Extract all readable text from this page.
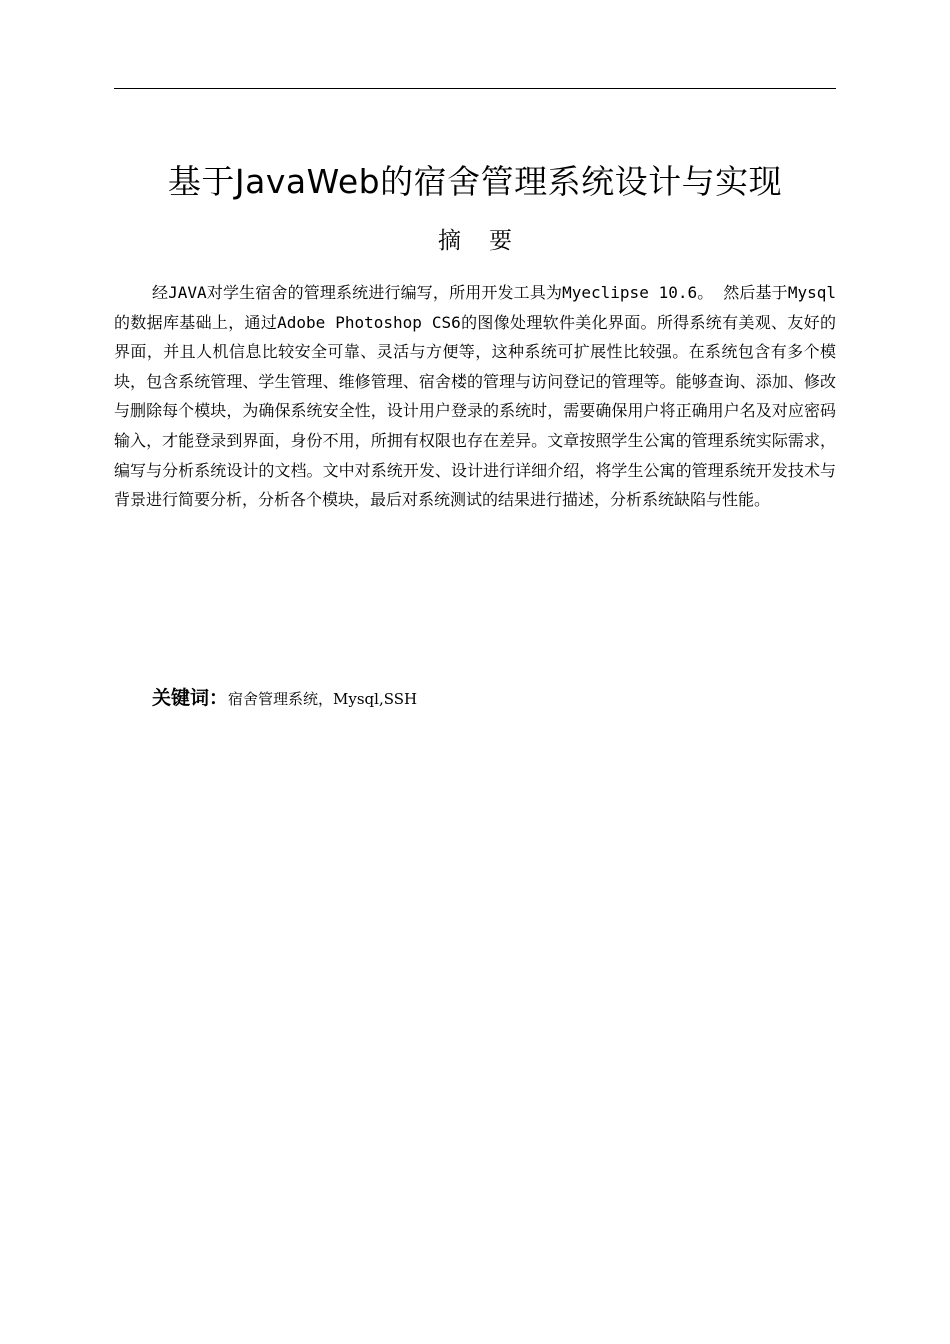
基于JavaWeb的宿舍管理系统设计与实现
摘要

经JAVA对学生宿舍的管理系统进行编写，所用开发工具为Myeclipse 10.6。 然后基于Mysql的数据库基础上，通过Adobe Photoshop CS6的图像处理软件美化界面。所得系统有美观、友好的界面，并且人机信息比较安全可靠、灵活与方便等，这种系统可扩展性比较强。在系统包含有多个模块，包含系统管理、学生管理、维修管理、宿舍楼的管理与访问登记的管理等。能够查询、添加、修改与删除每个模块，为确保系统安全性，设计用户登录的系统时，需要确保用户将正确用户名及对应密码输入，才能登录到界面，身份不用，所拥有权限也存在差异。文章按照学生公寓的管理系统实际需求，编写与分析系统设计的文档。文中对系统开发、设计进行详细介绍，将学生公寓的管理系统开发技术与背景进行简要分析，分析各个模块，最后对系统测试的结果进行描述，分析系统缺陷与性能。

关键词：宿舍管理系统，Mysql,SSH
